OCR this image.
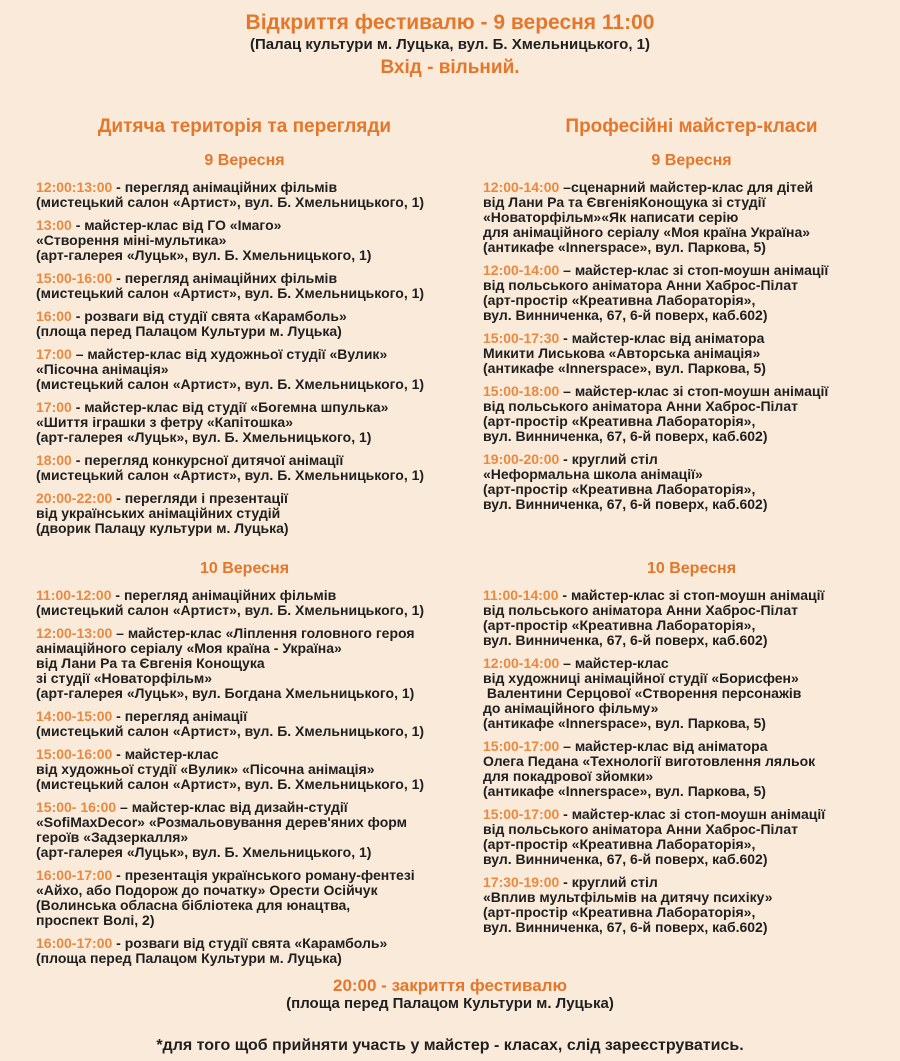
Відкриття фестивалю - 9 вересня 11:00
(Палац культури м. Луцька, вул. Б. Хмельницького, 1)
Вхід - вільний.
Дитяча територія та перегляди
9 Вересня
12:00:13:00 - перегляд анімаційних фільмів
(мистецький салон «Артист», вул. Б. Хмельницького, 1)
13:00 - майстер-клас від ГО «Імаго»
«Створення міні-мультика»
(арт-галерея «Луцьк», вул. Б. Хмельницького, 1)
15:00-16:00 - перегляд анімаційних фільмів
(мистецький салон «Артист», вул. Б. Хмельницького, 1)
16:00 - розваги від студії свята «Карамболь»
(площа перед Палацом Культури м. Луцька)
17:00 – майстер-клас від художньої студії «Вулик»
«Пісочна анімація»
(мистецький салон «Артист», вул. Б. Хмельницького, 1)
17:00 - майстер-клас від студії «Богемна шпулька»
«Шиття іграшки з фетру «Капітошка»
(арт-галерея «Луцьк», вул. Б. Хмельницького, 1)
18:00 - перегляд конкурсної дитячої анімації
(мистецький салон «Артист», вул. Б. Хмельницького, 1)
20:00-22:00 - перегляди і презентації
від українських анімаційних студій
(дворик Палацу культури м. Луцька)
10 Вересня
11:00-12:00 - перегляд анімаційних фільмів
(мистецький салон «Артист», вул. Б. Хмельницького, 1)
12:00-13:00 – майстер-клас «Ліплення головного героя
анімаційного серіалу «Моя країна - Україна»
від Лани Ра та Євгенія Конощука
зі студії «Новаторфільм»
(арт-галерея «Луцьк», вул. Богдана Хмельницького, 1)
14:00-15:00 - перегляд анімації
(мистецький салон «Артист», вул. Б. Хмельницького, 1)
15:00-16:00 - майстер-клас
від художньої студії «Вулик» «Пісочна анімація»
(мистецький салон «Артист», вул. Б. Хмельницького, 1)
15:00- 16:00 – майстер-клас від дизайн-студії
«SofiMaxDecor» «Розмальовування дерев'яних форм
героїв «Задзеркалля»
(арт-галерея «Луцьк», вул. Б. Хмельницького, 1)
16:00-17:00 - презентація українського роману-фентезі
«Айхо, або Подорож до початку» Орести Осійчук
(Волинська обласна бібліотека для юнацтва,
проспект Волі, 2)
16:00-17:00 - розваги від студії свята «Карамболь»
(площа перед Палацом Культури м. Луцька)
Професійні майстер-класи
9 Вересня
12:00-14:00 –сценарний майстер-клас для дітей
від Лани Ра та ЄвгеніяКонощука зі студії
«Новаторфільм»«Як написати серію
для анімаційного серіалу «Моя країна Україна»
(антикафе «Innerspace», вул. Паркова, 5)
12:00-14:00 – майстер-клас зі стоп-моушн анімації
від польського аніматора Анни Хаброс-Пілат
(арт-простір «Креативна Лабораторія»,
вул. Винниченка, 67, 6-й поверх, каб.602)
15:00-17:30 - майстер-клас від аніматора
Микити Лиськова «Авторська анімація»
(антикафе «Innerspace», вул. Паркова, 5)
15:00-18:00 – майстер-клас зі стоп-моушн анімації
від польського аніматора Анни Хаброс-Пілат
(арт-простір «Креативна Лабораторія»,
вул. Винниченка, 67, 6-й поверх, каб.602)
19:00-20:00 - круглий стіл
«Неформальна школа анімації»
(арт-простір «Креативна Лабораторія»,
вул. Винниченка, 67, 6-й поверх, каб.602)
10 Вересня
11:00-14:00 - майстер-клас зі стоп-моушн анімації
від польського аніматора Анни Хаброс-Пілат
(арт-простір «Креативна Лабораторія»,
вул. Винниченка, 67, 6-й поверх, каб.602)
12:00-14:00 – майстер-клас
від художниці анімаційної студії «Борисфен»
Валентини Серцової «Створення персонажів
до анімаційного фільму»
(антикафе «Innerspace», вул. Паркова, 5)
15:00-17:00 – майстер-клас від аніматора
Олега Педана «Технології виготовлення ляльок
для покадрової зйомки»
(антикафе «Innerspace», вул. Паркова, 5)
15:00-17:00 - майстер-клас зі стоп-моушн анімації
від польського аніматора Анни Хаброс-Пілат
(арт-простір «Креативна Лабораторія»,
вул. Винниченка, 67, 6-й поверх, каб.602)
17:30-19:00 - круглий стіл
«Вплив мультфільмів на дитячу психіку»
(арт-простір «Креативна Лабораторія»,
вул. Винниченка, 67, 6-й поверх, каб.602)
20:00 - закриття фестивалю
(площа перед Палацом Культури м. Луцька)
*для того щоб прийняти участь у майстер - класах, слід зареєструватись.
